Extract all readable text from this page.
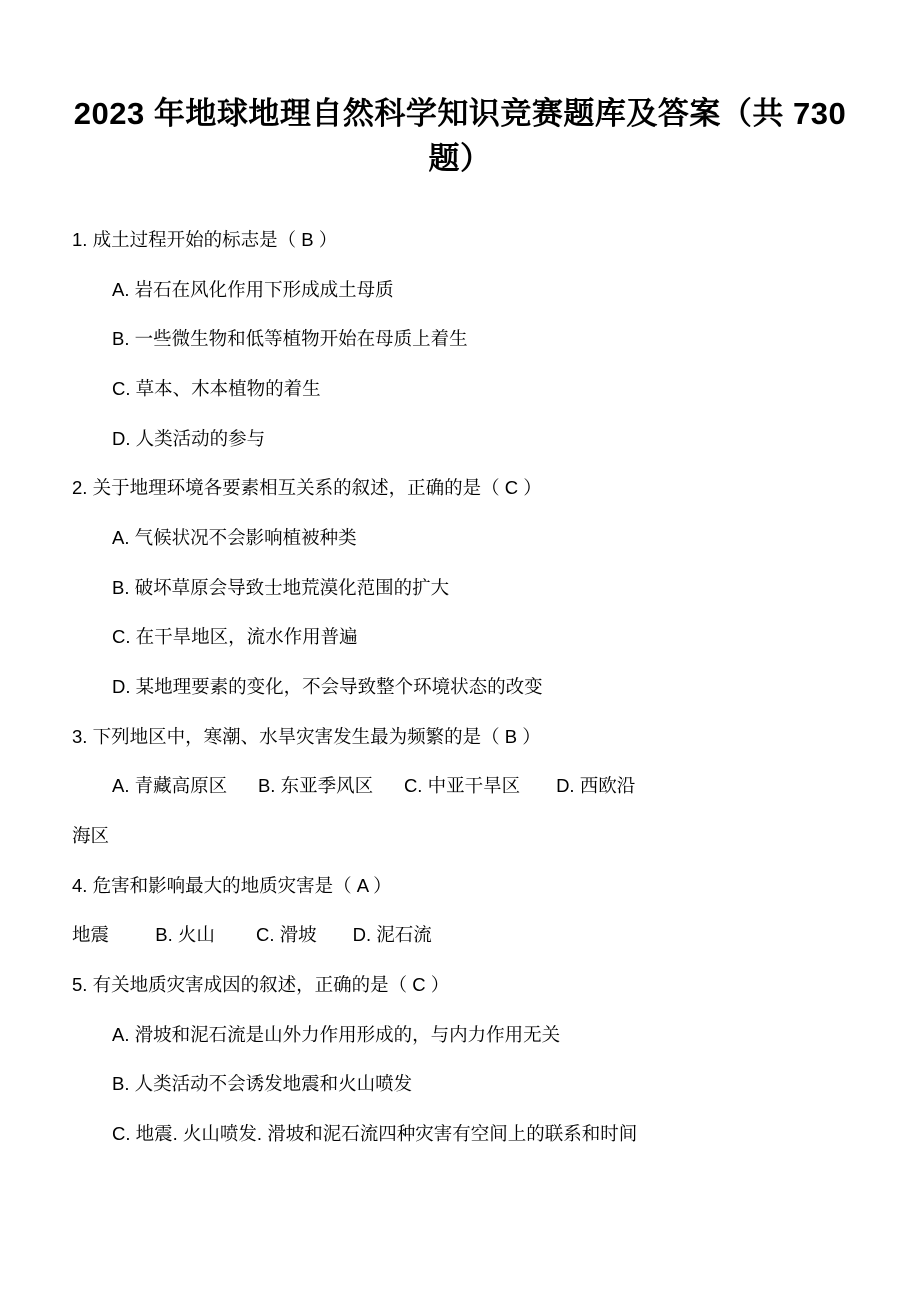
2023 年地球地理自然科学知识竞赛题库及答案（共 730 题）

1. 成土过程开始的标志是（ B ）

A. 岩石在风化作用下形成成土母质

B. 一些微生物和低等植物开始在母质上着生

C. 草本、木本植物的着生

D. 人类活动的参与

2. 关于地理环境各要素相互关系的叙述，正确的是（ C ）

A. 气候状况不会影响植被种类

B. 破坏草原会导致士地荒漠化范围的扩大

C. 在干旱地区，流水作用普遍

D. 某地理要素的变化，不会导致整个环境状态的改变

3. 下列地区中，寒潮、水旱灾害发生最为频繁的是（ B ）

A. 青藏高原区 B. 东亚季风区 C. 中亚干旱区 D. 西欧沿

海区

4. 危害和影响最大的地质灾害是（ A ）

地震	B. 火山 C. 滑坡 D. 泥石流

5. 有关地质灾害成因的叙述，正确的是（ C ）

A. 滑坡和泥石流是山外力作用形成的，与内力作用无关

B. 人类活动不会诱发地震和火山喷发

C. 地震. 火山喷发. 滑坡和泥石流四种灾害有空间上的联系和时间
